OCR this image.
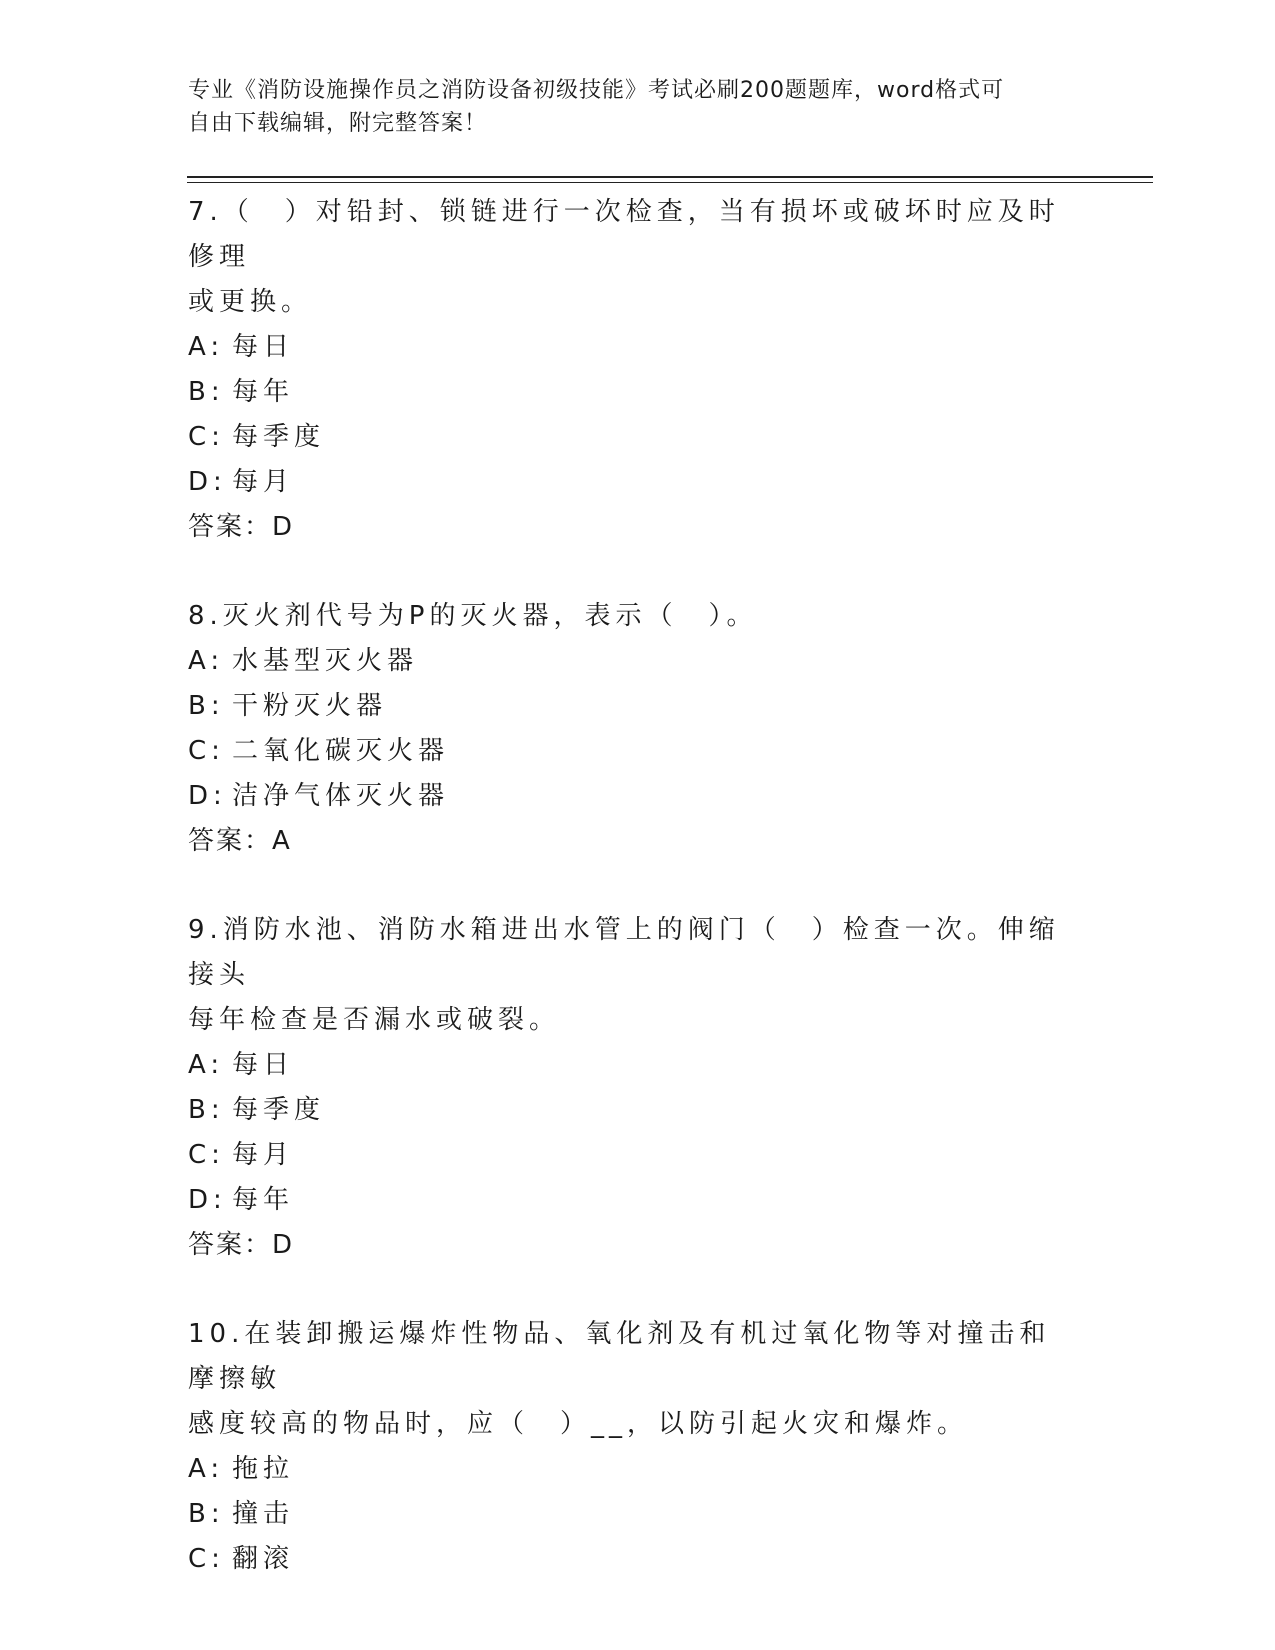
专业《消防设施操作员之消防设备初级技能》考试必刷200题题库，word格式可
自由下载编辑，附完整答案！
7.（　）对铅封、锁链进行一次检查，当有损坏或破坏时应及时修理
或更换。
A: 每日
B: 每年
C: 每季度
D: 每月
答案：D
8.灭火剂代号为P的灭火器，表示（　）。
A: 水基型灭火器
B: 干粉灭火器
C: 二氧化碳灭火器
D: 洁净气体灭火器
答案：A
9.消防水池、消防水箱进出水管上的阀门（　）检查一次。伸缩接头
每年检查是否漏水或破裂。
A: 每日
B: 每季度
C: 每月
D: 每年
答案：D
10.在装卸搬运爆炸性物品、氧化剂及有机过氧化物等对撞击和摩擦敏
感度较高的物品时，应（　）__，以防引起火灾和爆炸。
A: 拖拉
B: 撞击
C: 翻滚
